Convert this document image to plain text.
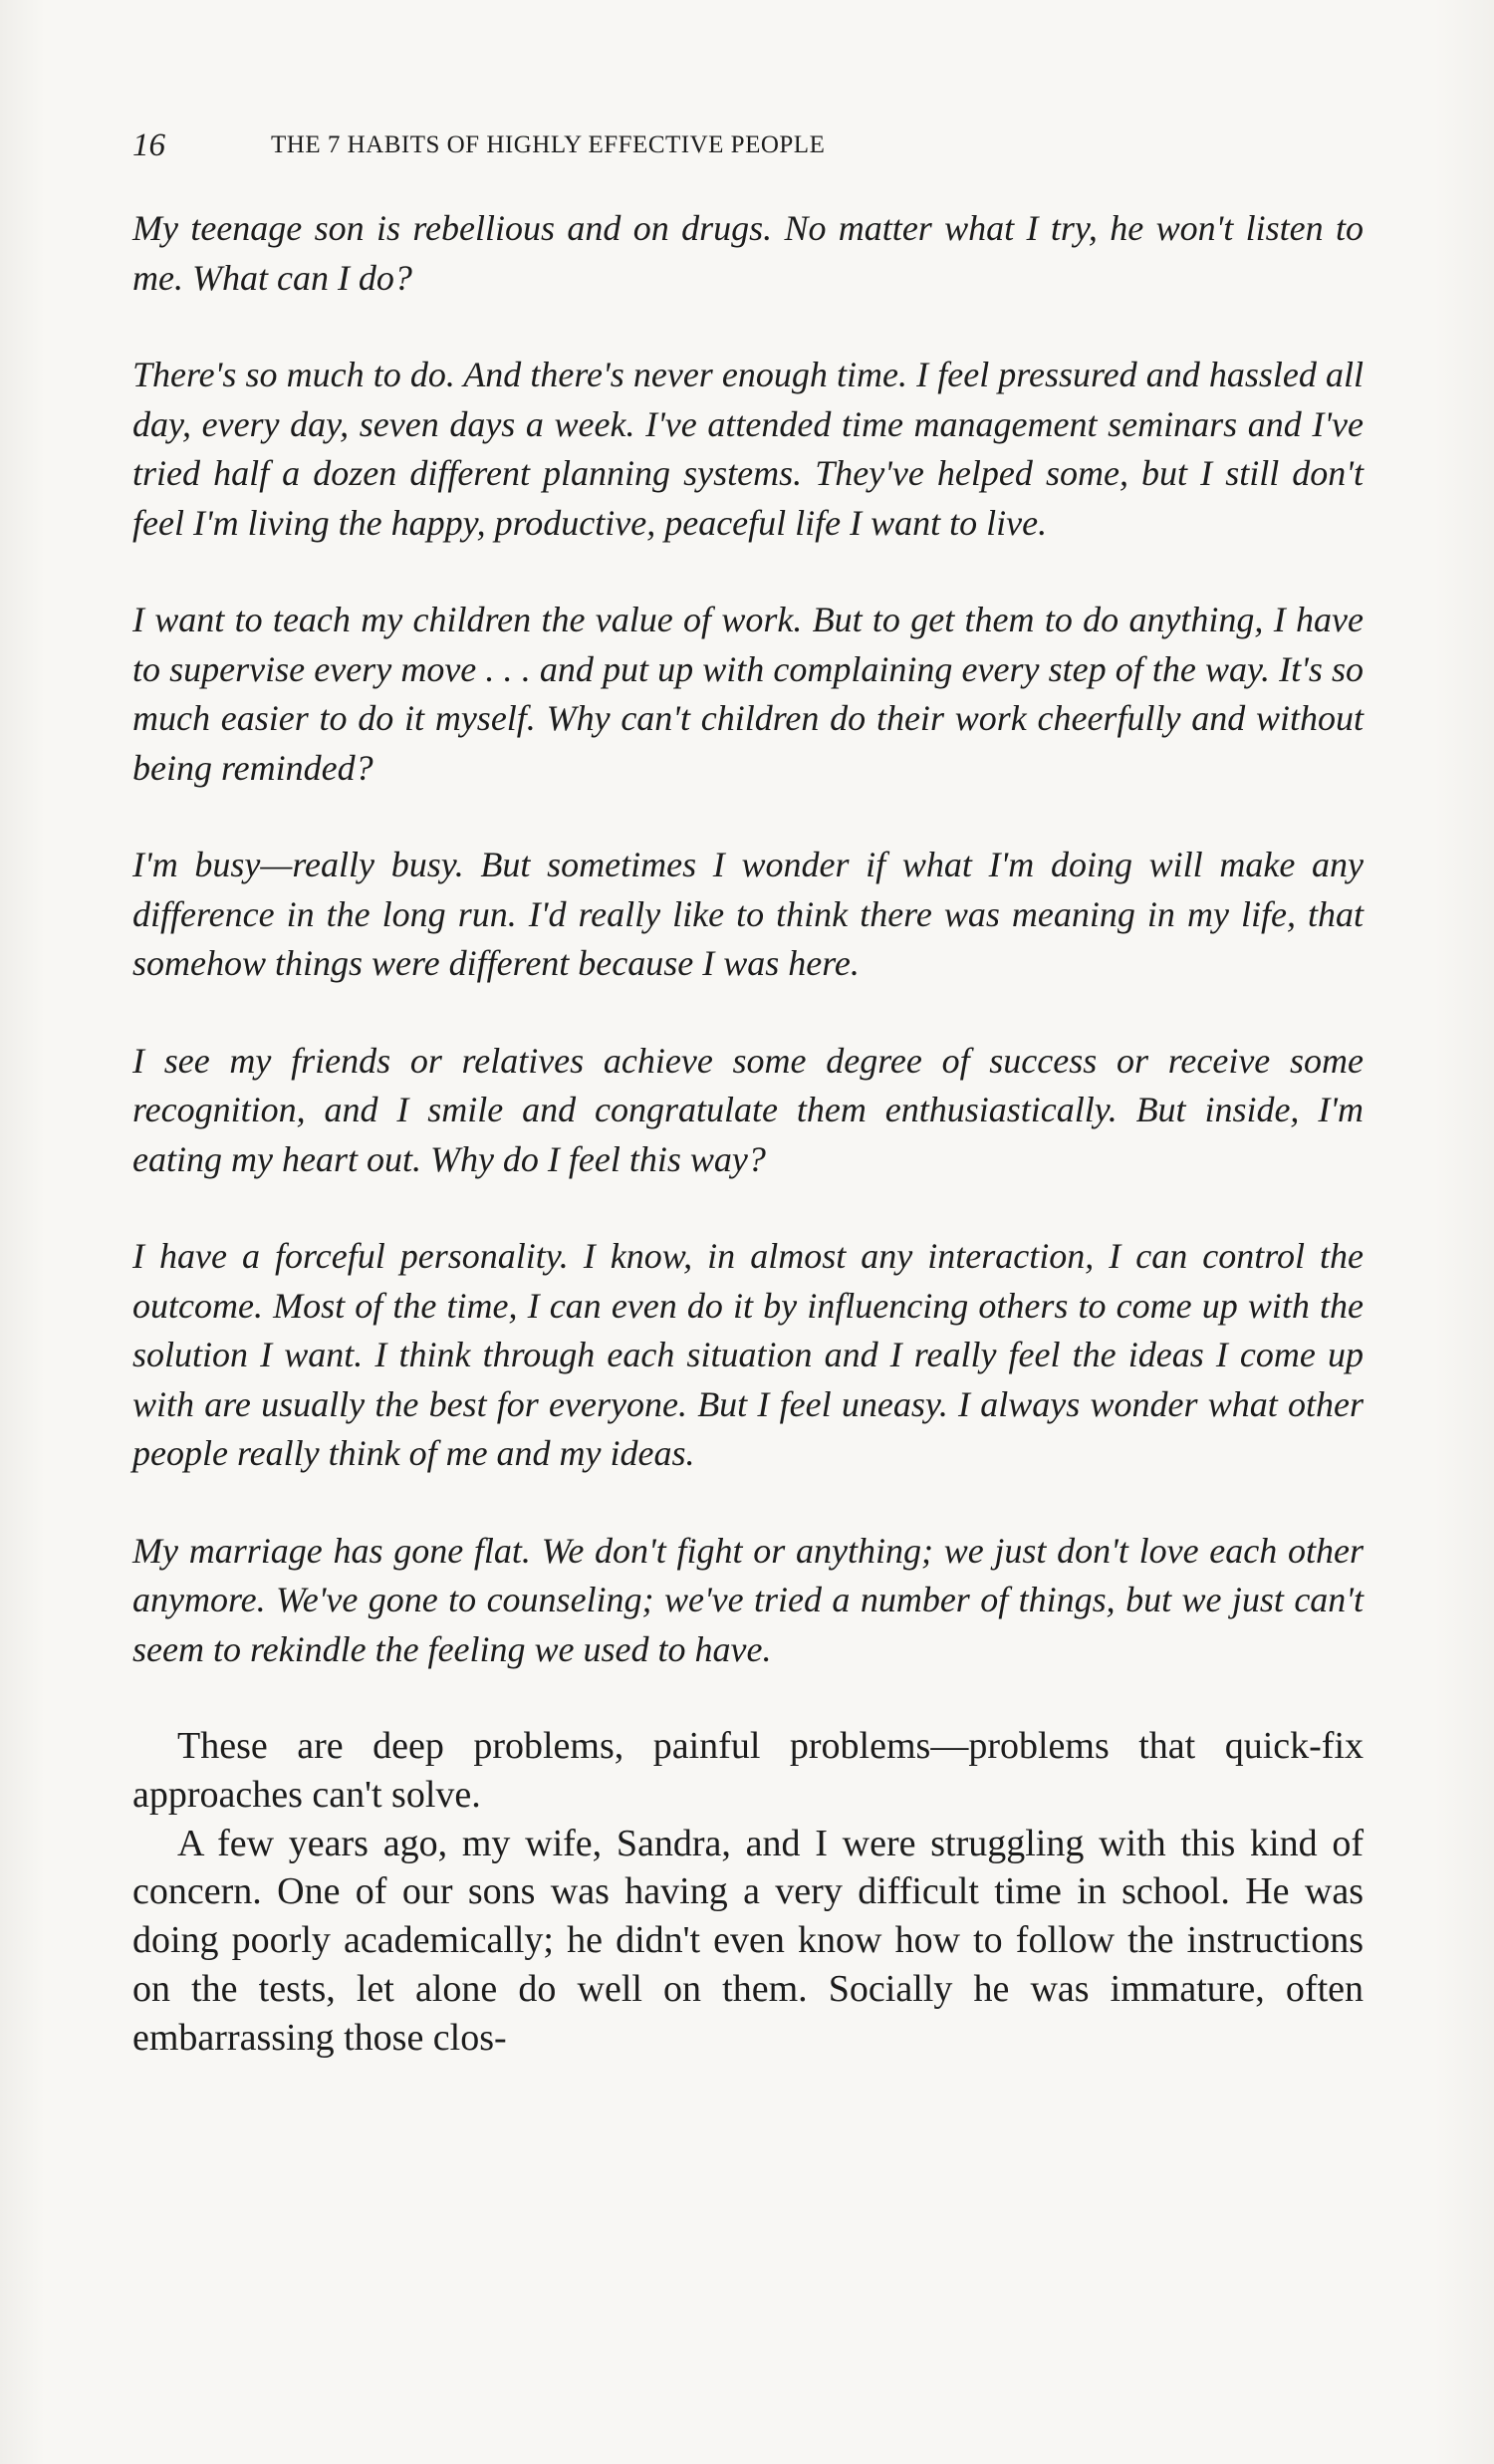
16	THE 7 HABITS OF HIGHLY EFFECTIVE PEOPLE

My teenage son is rebellious and on drugs. No matter what I try, he won't listen to me. What can I do?

There's so much to do. And there's never enough time. I feel pressured and hassled all day, every day, seven days a week. I've attended time management seminars and I've tried half a dozen different planning systems. They've helped some, but I still don't feel I'm living the happy, productive, peaceful life I want to live.

I want to teach my children the value of work. But to get them to do anything, I have to supervise every move . . . and put up with complaining every step of the way. It's so much easier to do it myself. Why can't children do their work cheerfully and without being reminded?

I'm busy—really busy. But sometimes I wonder if what I'm doing will make any difference in the long run. I'd really like to think there was meaning in my life, that somehow things were different because I was here.

I see my friends or relatives achieve some degree of success or receive some recognition, and I smile and congratulate them enthusiastically. But inside, I'm eating my heart out. Why do I feel this way?

I have a forceful personality. I know, in almost any interaction, I can control the outcome. Most of the time, I can even do it by influencing others to come up with the solution I want. I think through each situation and I really feel the ideas I come up with are usually the best for everyone. But I feel uneasy. I always wonder what other people really think of me and my ideas.

My marriage has gone flat. We don't fight or anything; we just don't love each other anymore. We've gone to counseling; we've tried a number of things, but we just can't seem to rekindle the feeling we used to have.

These are deep problems, painful problems—problems that quick-fix approaches can't solve.

A few years ago, my wife, Sandra, and I were struggling with this kind of concern. One of our sons was having a very difficult time in school. He was doing poorly academically; he didn't even know how to follow the instructions on the tests, let alone do well on them. Socially he was immature, often embarrassing those clos-
